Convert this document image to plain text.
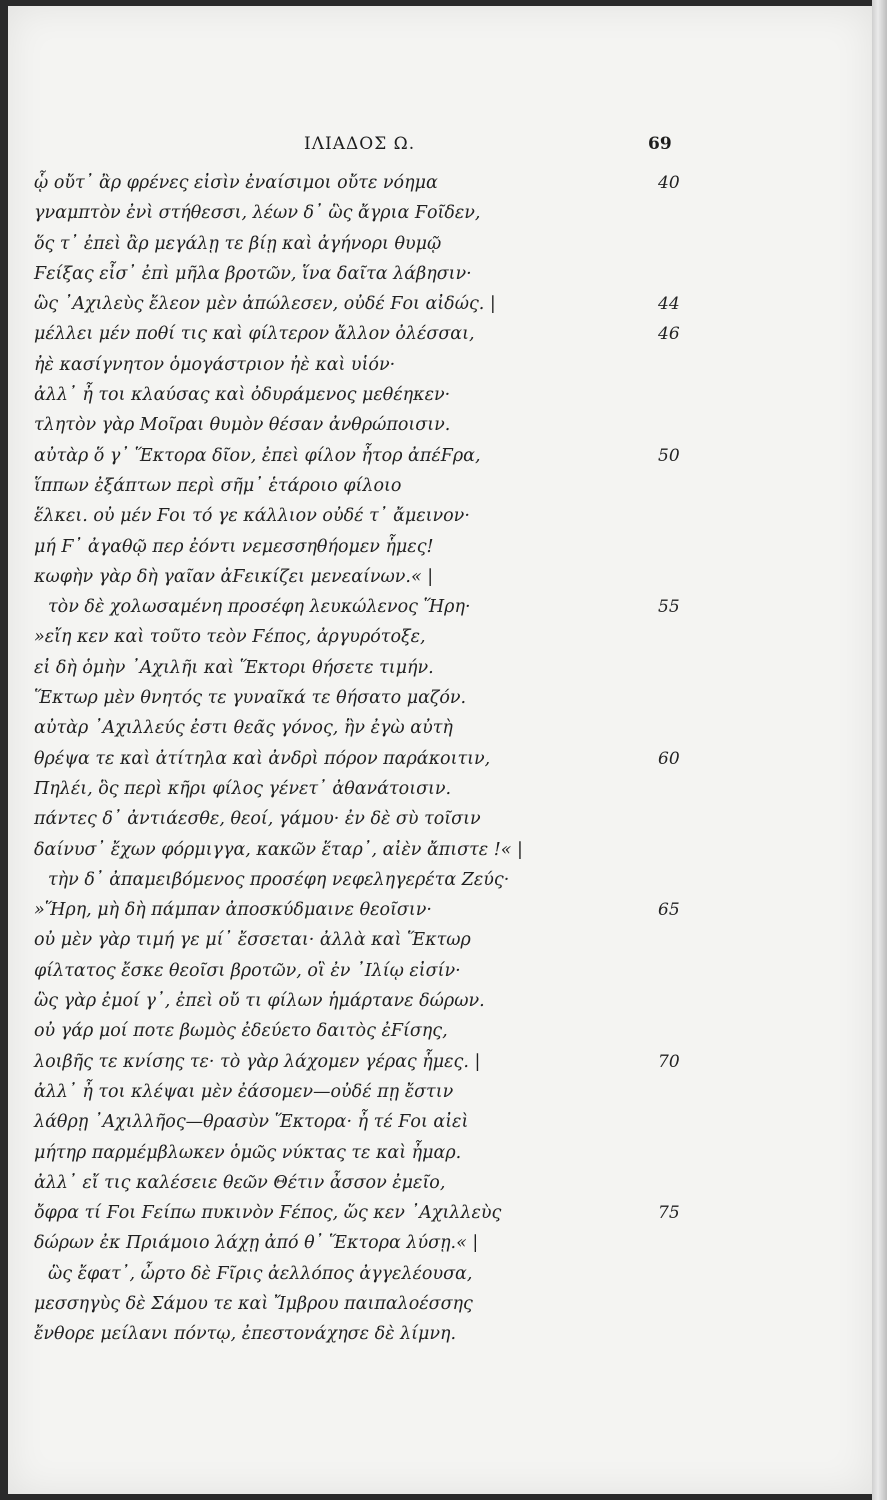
ΙΛΙΑΔΟΣ Ω.	69
ᾧ οὔτ᾽ ἂρ φρένες εἰσὶν ἐναίσιμοι οὔτε νόημα	40
γναμπτὸν ἐνὶ στήθεσσι, λέων δ᾽ ὣς ἄγρια Ϝοῖδεν,
ὅς τ᾽ ἐπεὶ ἂρ μεγάλῃ τε βίῃ καὶ ἀγήνορι θυμῷ
Ϝείξας εἶσ᾽ ἐπὶ μῆλα βροτῶν, ἵνα δαῖτα λάβησιν·
ὣς ᾽Αχιλεὺς ἔλεον μὲν ἀπώλεσεν, οὐδέ Ϝοι αἰδώς. |	44
μέλλει μέν ποθί τις καὶ φίλτερον ἄλλον ὀλέσσαι,	46
ἠὲ κασίγνητον ὁμογάστριον ἠὲ καὶ υἱόν·
ἀλλ᾽ ἦ τοι κλαύσας καὶ ὀδυράμενος μεθέηκεν·
τλητὸν γὰρ Μοῖραι θυμὸν θέσαν ἀνθρώποισιν.
αὐτὰρ ὅ γ᾽ Ἕκτορα δῖον, ἐπεὶ φίλον ἦτορ ἀπέϜρα,	50
ἵππων ἐξάπτων περὶ σῆμ᾽ ἑτάροιο φίλοιο
ἕλκει. οὐ μέν Ϝοι τό γε κάλλιον οὐδέ τ᾽ ἄμεινον·
μή Ϝ᾽ ἀγαθῷ περ ἐόντι νεμεσσηθήομεν ἧμες!
κωφὴν γὰρ δὴ γαῖαν ἀϜεικίζει μενεαίνων.« |
τὸν δὲ χολωσαμένη προσέφη λευκώλενος Ἥρη·	55
»εἴη κεν καὶ τοῦτο τεὸν Ϝέπος, ἀργυρότοξε,
εἰ δὴ ὁμὴν ᾽Αχιλῆι καὶ Ἕκτορι θήσετε τιμήν.
Ἕκτωρ μὲν θνητός τε γυναῖκά τε θήσατο μαζόν.
αὐτὰρ ᾽Αχιλλεύς ἐστι θεᾶς γόνος, ἣν ἐγὼ αὐτὴ
θρέψα τε καὶ ἀτίτηλα καὶ ἀνδρὶ πόρον παράκοιτιν,	60
Πηλέι, ὃς περὶ κῆρι φίλος γένετ᾽ ἀθανάτοισιν.
πάντες δ᾽ ἀντιάεσθε, θεοί, γάμου· ἐν δὲ σὺ τοῖσιν
δαίνυσ᾽ ἔχων φόρμιγγα, κακῶν ἕταρ᾽, αἰὲν ἄπιστε !« |
τὴν δ᾽ ἀπαμειβόμενος προσέφη νεφεληγερέτα Ζεύς·
»Ἥρη, μὴ δὴ πάμπαν ἀποσκύδμαινε θεοῖσιν·	65
οὐ μὲν γὰρ τιμή γε μί᾽ ἔσσεται· ἀλλὰ καὶ Ἕκτωρ
φίλτατος ἔσκε θεοῖσι βροτῶν, οἳ ἐν ᾽Ιλίῳ εἰσίν·
ὣς γὰρ ἐμοί γ᾽, ἐπεὶ οὔ τι φίλων ἡμάρτανε δώρων.
οὐ γάρ μοί ποτε βωμὸς ἐδεύετο δαιτὸς ἐϜίσης,
λοιβῆς τε κνίσης τε· τὸ γὰρ λάχομεν γέρας ἧμες. |	70
ἀλλ᾽ ἦ τοι κλέψαι μὲν ἐάσομεν—οὐδέ πῃ ἔστιν
λάθρῃ ᾽Αχιλλῆος—θρασὺν Ἕκτορα· ἦ τέ Ϝοι αἰεὶ
μήτηρ παρμέμβλωκεν ὁμῶς νύκτας τε καὶ ἦμαρ.
ἀλλ᾽ εἴ τις καλέσειε θεῶν Θέτιν ἆσσον ἐμεῖο,
ὄφρα τί Ϝοι Ϝείπω πυκινὸν Ϝέπος, ὥς κεν ᾽Αχιλλεὺς	75
δώρων ἐκ Πριάμοιο λάχῃ ἀπό θ᾽ Ἕκτορα λύσῃ.« |
ὣς ἔφατ᾽, ὦρτο δὲ Ϝῖρις ἀελλόπος ἀγγελέουσα,
μεσσηγὺς δὲ Σάμου τε καὶ Ἴμβρου παιπαλοέσσης
ἔνθορε μείλανι πόντῳ, ἐπεστονάχησε δὲ λίμνη.
